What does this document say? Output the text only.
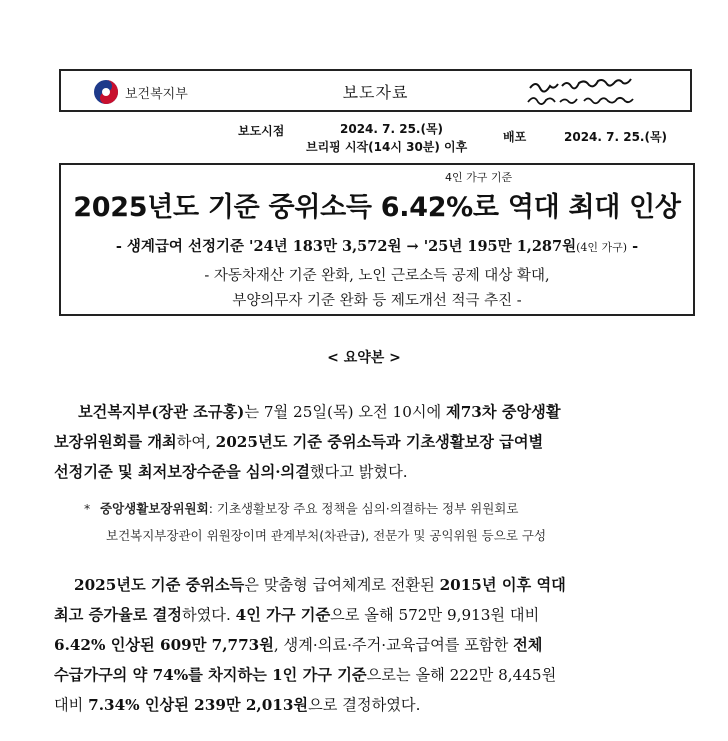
보건복지부	보도자료
보도시점	2024. 7. 25.(목)
브리핑 시작(14시 30분) 이후
배포	2024. 7. 25.(목)
4인 가구 기준
2025년도 기준 중위소득 6.42%로 역대 최대 인상
- 생계급여 선정기준 '24년 183만 3,572원 → '25년 195만 1,287원(4인 가구) -
- 자동차재산 기준 완화, 노인 근로소득 공제 대상 확대,
부양의무자 기준 완화 등 제도개선 적극 추진 -
< 요약본 >
보건복지부(장관 조규홍)는 7월 25일(목) 오전 10시에 제73차 중앙생활
보장위원회를 개최하여, 2025년도 기준 중위소득과 기초생활보장 급여별
선정기준 및 최저보장수준을 심의·의결했다고 밝혔다.
* 중앙생활보장위원회: 기초생활보장 주요 정책을 심의·의결하는 정부 위원회로
보건복지부장관이 위원장이며 관계부처(차관급), 전문가 및 공익위원 등으로 구성
2025년도 기준 중위소득은 맞춤형 급여체계로 전환된 2015년 이후 역대
최고 증가율로 결정하였다. 4인 가구 기준으로 올해 572만 9,913원 대비
6.42% 인상된 609만 7,773원, 생계·의료·주거·교육급여를 포함한 전체
수급가구의 약 74%를 차지하는 1인 가구 기준으로는 올해 222만 8,445원
대비 7.34% 인상된 239만 2,013원으로 결정하였다.
